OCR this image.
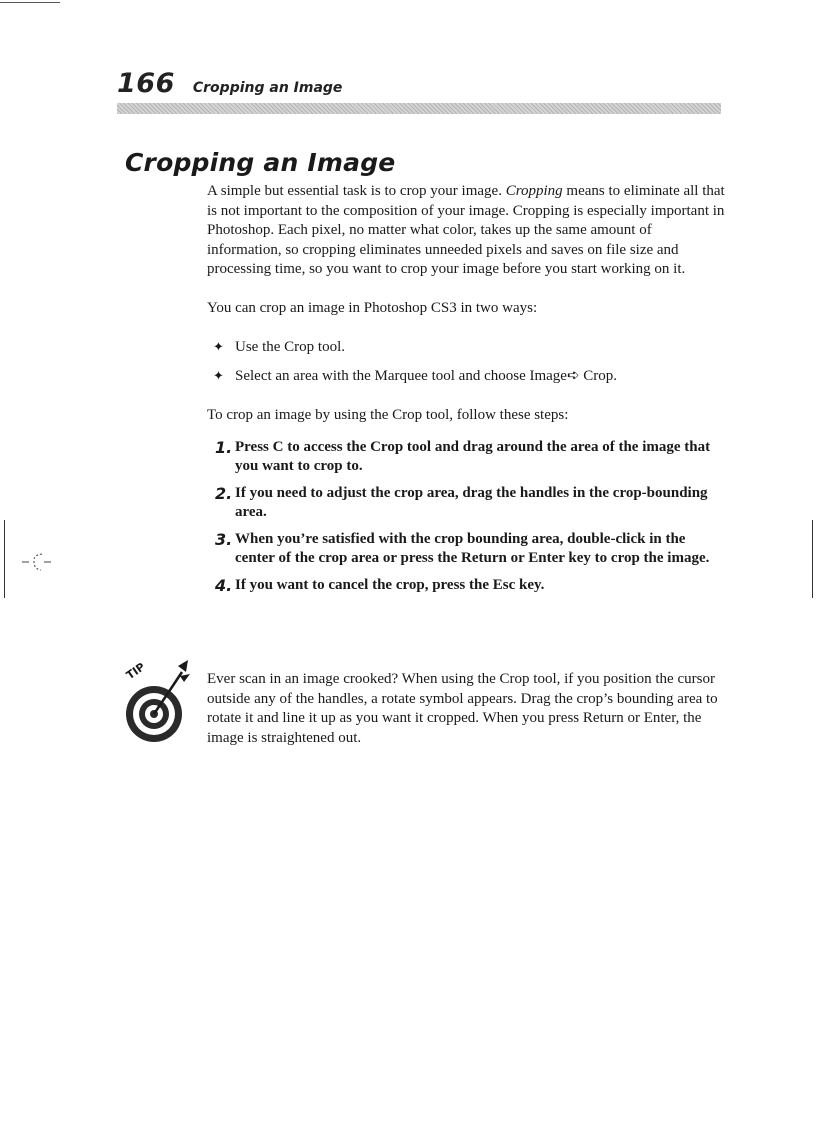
166 Cropping an Image
Cropping an Image

A simple but essential task is to crop your image. Cropping means to eliminate all that is not important to the composition of your image. Cropping is especially important in Photoshop. Each pixel, no matter what color, takes up the same amount of information, so cropping eliminates unneeded pixels and saves on file size and processing time, so you want to crop your image before you start working on it.

You can crop an image in Photoshop CS3 in two ways:

✦ Use the Crop tool.
✦ Select an area with the Marquee tool and choose Image➪ Crop.

To crop an image by using the Crop tool, follow these steps:

1. Press C to access the Crop tool and drag around the area of the image that you want to crop to.
2. If you need to adjust the crop area, drag the handles in the crop-bounding area.
3. When you’re satisfied with the crop bounding area, double-click in the center of the crop area or press the Return or Enter key to crop the image.
4. If you want to cancel the crop, press the Esc key.
TIP	Ever scan in an image crooked? When using the Crop tool, if you position the cursor outside any of the handles, a rotate symbol appears. Drag the crop’s bounding area to rotate it and line it up as you want it cropped. When you press Return or Enter, the image is straightened out.
